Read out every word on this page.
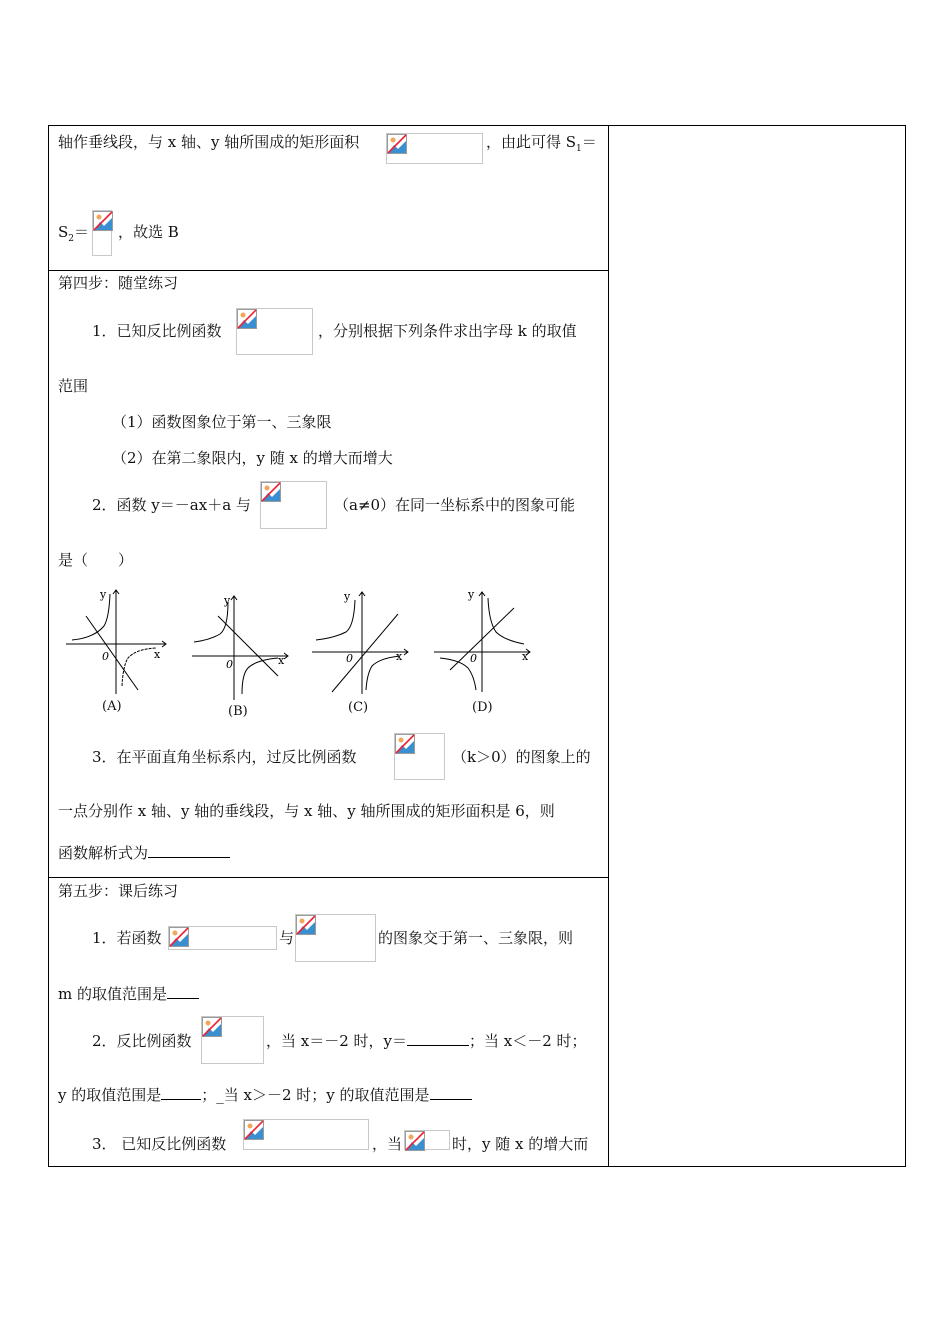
轴作垂线段，与 x 轴、y 轴所围成的矩形面积	，由此可得 $S_1=$
$S_2=$ ，故选 B
第四步：随堂练习
1．已知反比例函数	，分别根据下列条件求出字母 k 的取值
范围
（1）函数图象位于第一、三象限
（2）在第二象限内，y 随 x 的增大而增大
2．函数 y＝－ax＋a 与	（a≠0）在同一坐标系中的图象可能
是（　　）
y
x
0
(A)
y
x
0
(B)
y
x
0
(C)
y
x
0
(D)
3．在平面直角坐标系内，过反比例函数	（k＞0）的图象上的
一点分别作 x 轴、y 轴的垂线段，与 x 轴、y 轴所围成的矩形面积是 6，则
函数解析式为
第五步：课后练习
1．若函数	与	的图象交于第一、三象限，则
m 的取值范围是
2．反比例函数	，当 x＝－2 时，y＝	；当 x＜－2 时；
y 的取值范围是	；_当 x＞－2 时；y 的取值范围是
3． 已知反比例函数	，当	时，y 随 x 的增大而
